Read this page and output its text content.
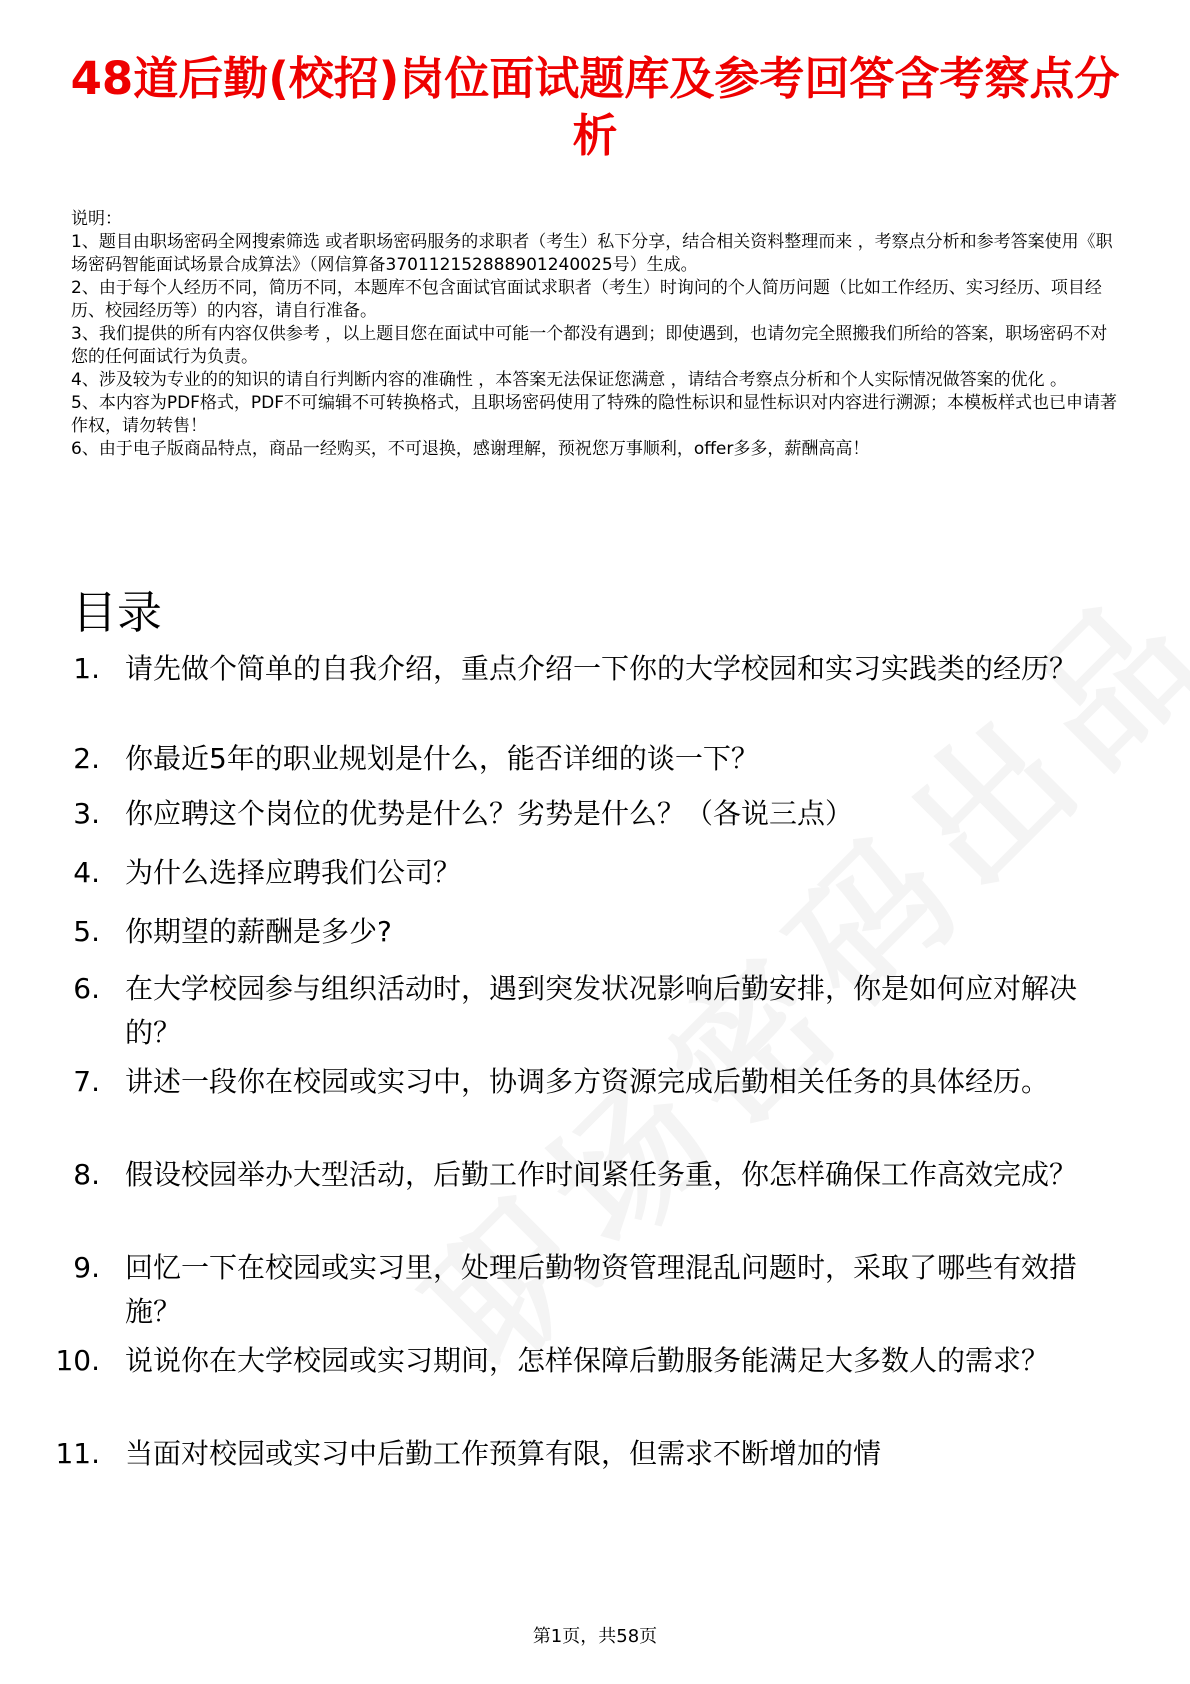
48道后勤(校招)岗位面试题库及参考回答含考察点分析

说明：

1、题目由职场密码全网搜索筛选 或者职场密码服务的求职者（考生）私下分享，结合相关资料整理而来 ，考察点分析和参考答案使用《职场密码智能面试场景合成算法》（网信算备370112152888901240025号）生成。

2、由于每个人经历不同，简历不同，本题库不包含面试官面试求职者（考生）时询问的个人简历问题（比如工作经历、实习经历、项目经历、校园经历等）的内容，请自行准备。

3、我们提供的所有内容仅供参考 ，以上题目您在面试中可能一个都没有遇到；即使遇到，也请勿完全照搬我们所给的答案，职场密码不对您的任何面试行为负责。

4、涉及较为专业的的知识的请自行判断内容的准确性 ，本答案无法保证您满意 ，请结合考察点分析和个人实际情况做答案的优化 。

5、本内容为PDF格式，PDF不可编辑不可转换格式，且职场密码使用了特殊的隐性标识和显性标识对内容进行溯源；本模板样式也已申请著作权，请勿转售！

6、由于电子版商品特点，商品一经购买，不可退换，感谢理解，预祝您万事顺利，offer多多，薪酬高高！

目录
1. 请先做个简单的自我介绍，重点介绍一下你的大学校园和实习实践类的经历？
2. 你最近5年的职业规划是什么，能否详细的谈一下？
3. 你应聘这个岗位的优势是什么？劣势是什么？（各说三点）
4. 为什么选择应聘我们公司？
5. 你期望的薪酬是多少?
6. 在大学校园参与组织活动时，遇到突发状况影响后勤安排，你是如何应对解决的？
7. 讲述一段你在校园或实习中，协调多方资源完成后勤相关任务的具体经历。
8. 假设校园举办大型活动，后勤工作时间紧任务重，你怎样确保工作高效完成？
9. 回忆一下在校园或实习里，处理后勤物资管理混乱问题时，采取了哪些有效措施？
10. 说说你在大学校园或实习期间，怎样保障后勤服务能满足大多数人的需求？
11. 当面对校园或实习中后勤工作预算有限，但需求不断增加的情
第1页，共58页
